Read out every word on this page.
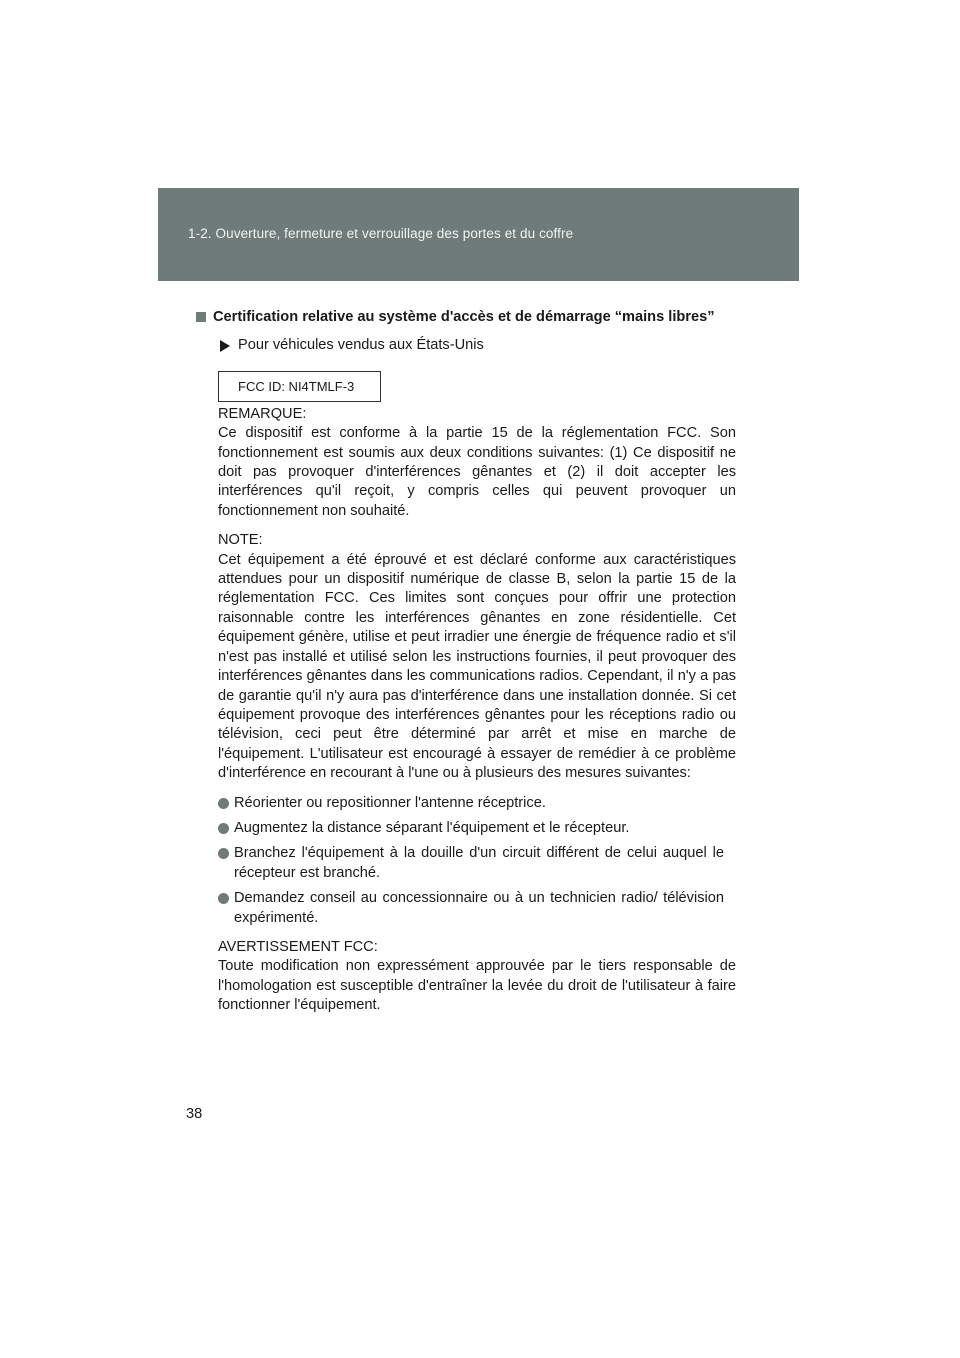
1-2. Ouverture, fermeture et verrouillage des portes et du coffre
Certification relative au système d'accès et de démarrage “mains libres”
Pour véhicules vendus aux États-Unis
FCC ID: NI4TMLF-3
REMARQUE:
Ce dispositif est conforme à la partie 15 de la réglementation FCC. Son fonctionnement est soumis aux deux conditions suivantes: (1) Ce dispositif ne doit pas provoquer d'interférences gênantes et (2) il doit accepter les interférences qu'il reçoit, y compris celles qui peuvent provoquer un fonctionnement non souhaité.
NOTE:
Cet équipement a été éprouvé et est déclaré conforme aux caractéristiques attendues pour un dispositif numérique de classe B, selon la partie 15 de la réglementation FCC. Ces limites sont conçues pour offrir une protection raisonnable contre les interférences gênantes en zone résidentielle. Cet équipement génère, utilise et peut irradier une énergie de fréquence radio et s'il n'est pas installé et utilisé selon les instructions fournies, il peut provoquer des interférences gênantes dans les communications radios. Cependant, il n'y a pas de garantie qu'il n'y aura pas d'interférence dans une installation donnée. Si cet équipement provoque des interférences gênantes pour les réceptions radio ou télévision, ceci peut être déterminé par arrêt et mise en marche de l'équipement. L'utilisateur est encouragé à essayer de remédier à ce problème d'interférence en recourant à l'une ou à plusieurs des mesures suivantes:
Réorienter ou repositionner l'antenne réceptrice.
Augmentez la distance séparant l'équipement et le récepteur.
Branchez l'équipement à la douille d'un circuit différent de celui auquel le récepteur est branché.
Demandez conseil au concessionnaire ou à un technicien radio/ télévision expérimenté.
AVERTISSEMENT FCC:
Toute modification non expressément approuvée par le tiers responsable de l'homologation est susceptible d'entraîner la levée du droit de l'utilisateur à faire fonctionner l'équipement.
38
